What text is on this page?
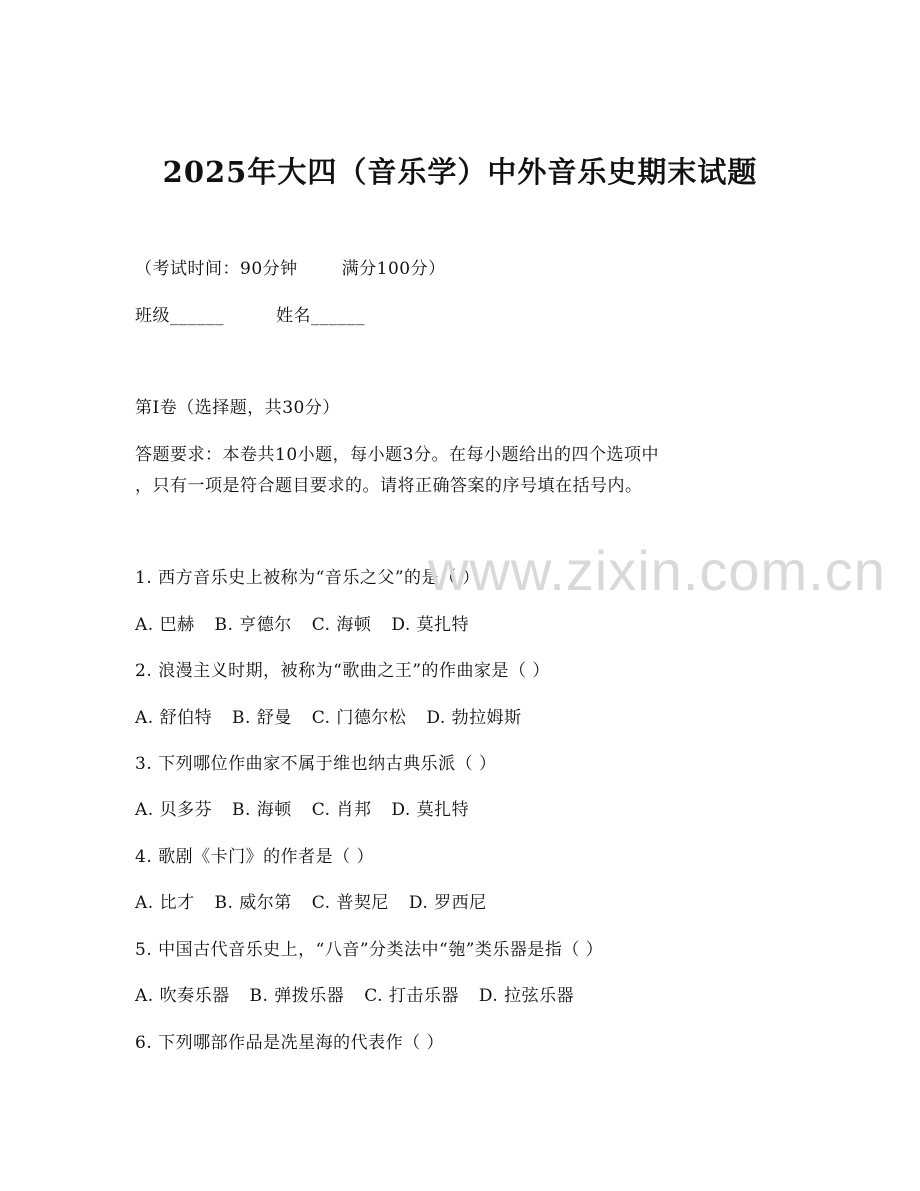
2025年大四（音乐学）中外音乐史期末试题
（考试时间：90分钟	满分100分）
班级______	姓名______
第Ⅰ卷（选择题，共30分）
答题要求：本卷共10小题，每小题3分。在每小题给出的四个选项中
，只有一项是符合题目要求的。请将正确答案的序号填在括号内。
1. 西方音乐史上被称为“音乐之父”的是（ ）
A. 巴赫 B. 亨德尔 C. 海顿 D. 莫扎特
2. 浪漫主义时期，被称为“歌曲之王”的作曲家是（ ）
A. 舒伯特 B. 舒曼 C. 门德尔松 D. 勃拉姆斯
3. 下列哪位作曲家不属于维也纳古典乐派（ ）
A. 贝多芬 B. 海顿 C. 肖邦 D. 莫扎特
4. 歌剧《卡门》的作者是（ ）
A. 比才 B. 威尔第 C. 普契尼 D. 罗西尼
5. 中国古代音乐史上，“八音”分类法中“匏”类乐器是指（ ）
A. 吹奏乐器 B. 弹拨乐器 C. 打击乐器 D. 拉弦乐器
6. 下列哪部作品是冼星海的代表作（ ）
www.zixin.com.cn
